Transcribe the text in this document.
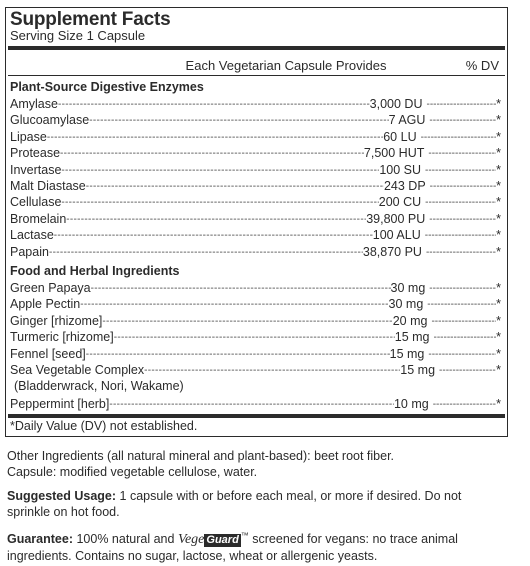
Supplement Facts
Serving Size 1 Capsule
Each Vegetarian Capsule Provides	% DV
Plant-Source Digestive Enzymes
Amylase -----	3,000 DU -----	*
Glucoamylase -----	7 AGU -----	*
Lipase -----	60 LU -----	*
Protease -----	7,500 HUT -----	*
Invertase -----	100 SU -----	*
Malt Diastase -----	243 DP -----	*
Cellulase -----	200 CU -----	*
Bromelain -----	39,800 PU -----	*
Lactase -----	100 ALU -----	*
Papain -----	38,870 PU -----	*
Food and Herbal Ingredients
Green Papaya -----	30 mg -----	*
Apple Pectin -----	30 mg -----	*
Ginger [rhizome] -----	20 mg -----	*
Turmeric [rhizome] -----	15 mg -----	*
Fennel [seed] -----	15 mg -----	*
Sea Vegetable Complex -----	15 mg -----	*
(Bladderwrack, Nori, Wakame)
Peppermint [herb] -----	10 mg -----	*
*Daily Value (DV) not established.
Other Ingredients (all natural mineral and plant-based): beet root fiber.
Capsule: modified vegetable cellulose, water.
Suggested Usage: 1 capsule with or before each meal, or more if desired. Do not
sprinkle on hot food.
Guarantee: 100% natural and Vege Guard ™ screened for vegans: no trace animal
ingredients. Contains no sugar, lactose, wheat or allergenic yeasts.
